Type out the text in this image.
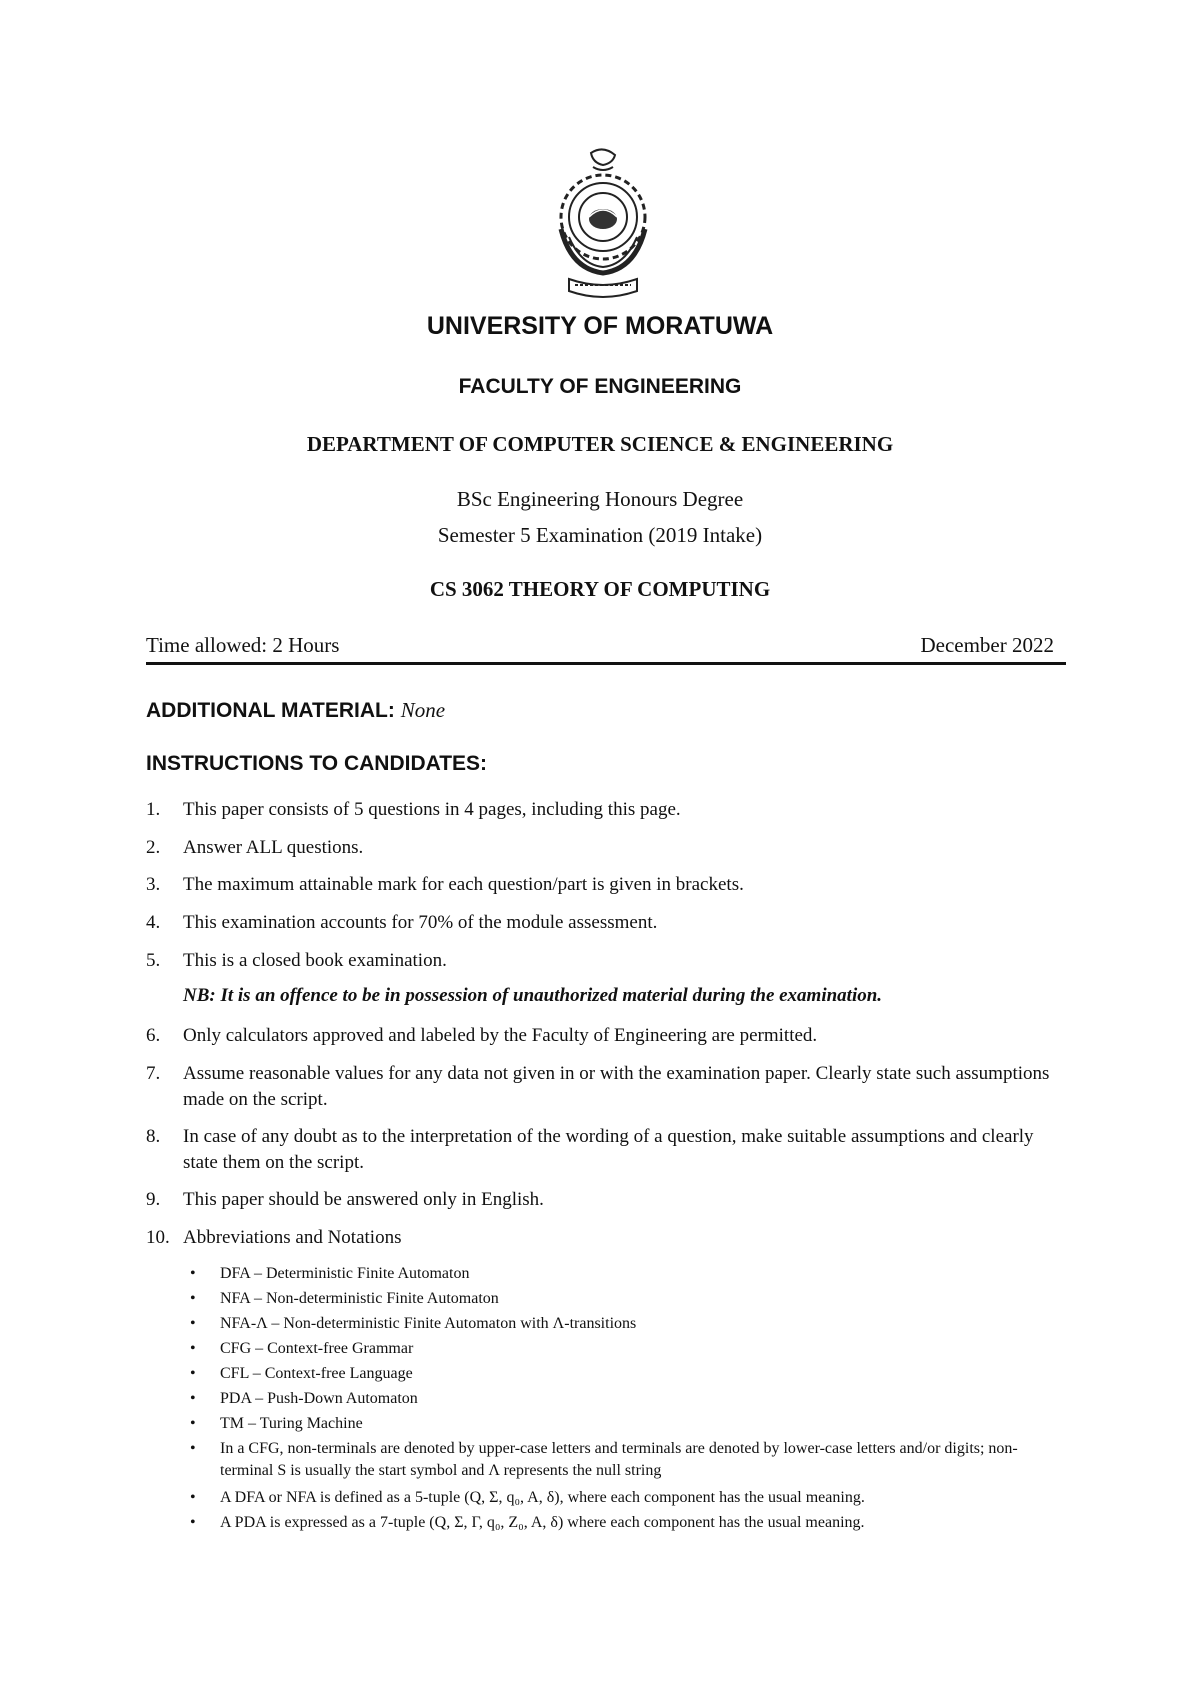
UNIVERSITY OF MORATUWA
FACULTY OF ENGINEERING
DEPARTMENT OF COMPUTER SCIENCE & ENGINEERING
BSc Engineering Honours Degree
Semester 5 Examination (2019 Intake)
CS 3062 THEORY OF COMPUTING
Time allowed: 2 Hours	December 2022
ADDITIONAL MATERIAL: None
INSTRUCTIONS TO CANDIDATES:
1.	This paper consists of 5 questions in 4 pages, including this page.
2.	Answer ALL questions.
3.	The maximum attainable mark for each question/part is given in brackets.
4.	This examination accounts for 70% of the module assessment.
5.	This is a closed book examination.
NB: It is an offence to be in possession of unauthorized material during the examination.
6.	Only calculators approved and labeled by the Faculty of Engineering are permitted.
7.	Assume reasonable values for any data not given in or with the examination paper. Clearly state such assumptions made on the script.
8.	In case of any doubt as to the interpretation of the wording of a question, make suitable assumptions and clearly state them on the script.
9.	This paper should be answered only in English.
10. Abbreviations and Notations
• DFA – Deterministic Finite Automaton
• NFA – Non-deterministic Finite Automaton
• NFA-Λ – Non-deterministic Finite Automaton with Λ-transitions
• CFG – Context-free Grammar
• CFL – Context-free Language
• PDA – Push-Down Automaton
• TM – Turing Machine
• In a CFG, non-terminals are denoted by upper-case letters and terminals are denoted by lower-case letters and/or digits; non-terminal S is usually the start symbol and Λ represents the null string
• A DFA or NFA is defined as a 5-tuple (Q, Σ, q₀, A, δ), where each component has the usual meaning.
• A PDA is expressed as a 7-tuple (Q, Σ, Γ, q₀, Z₀, A, δ) where each component has the usual meaning.
